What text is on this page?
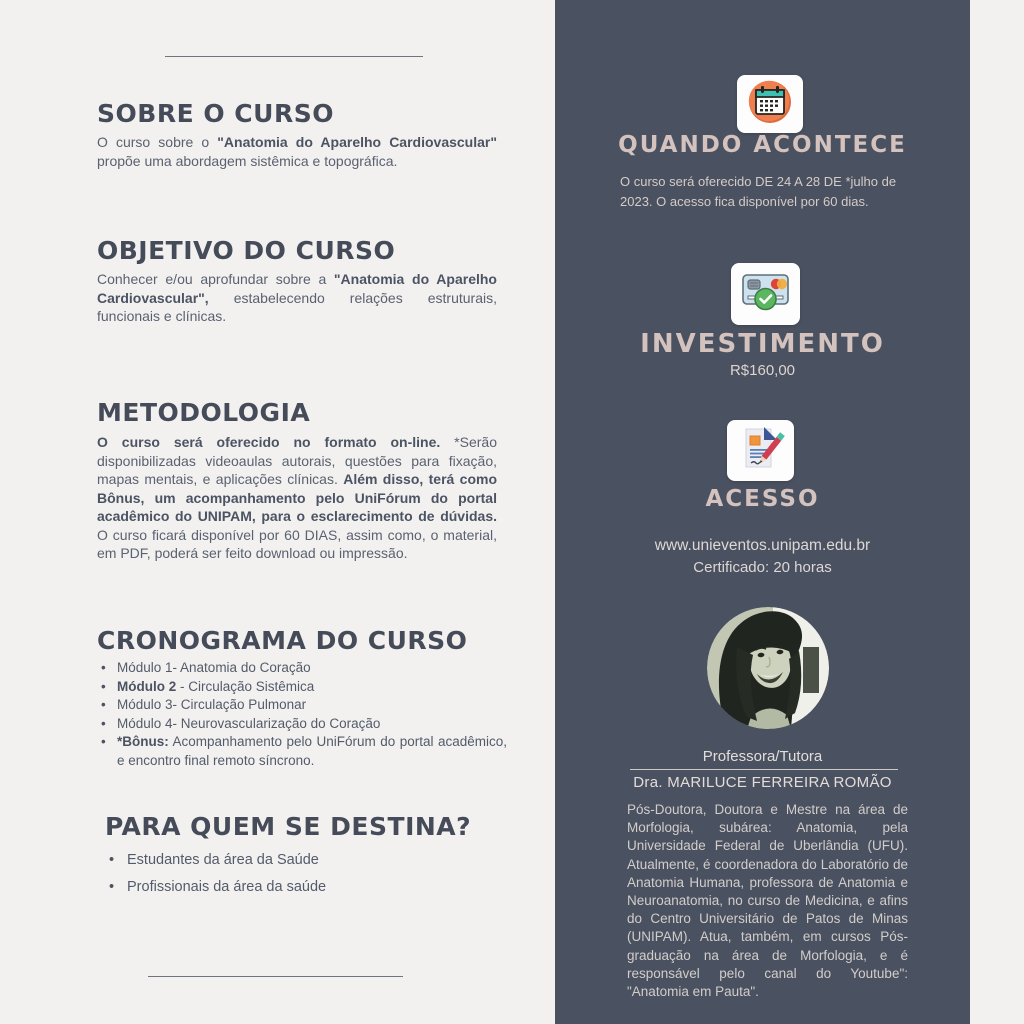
SOBRE O CURSO
O curso sobre o "Anatomia do Aparelho Cardiovascular" propõe uma abordagem sistêmica e topográfica.
OBJETIVO DO CURSO
Conhecer e/ou aprofundar sobre a "Anatomia do Aparelho Cardiovascular", estabelecendo relações estruturais, funcionais e clínicas.
METODOLOGIA
O curso será oferecido no formato on-line. *Serão disponibilizadas videoaulas autorais, questões para fixação, mapas mentais, e aplicações clínicas. Além disso, terá como Bônus, um acompanhamento pelo UniFórum do portal acadêmico do UNIPAM, para o esclarecimento de dúvidas. O curso ficará disponível por 60 DIAS, assim como, o material, em PDF, poderá ser feito download ou impressão.
CRONOGRAMA DO CURSO
• Módulo 1- Anatomia do Coração
• Módulo 2 - Circulação Sistêmica
• Módulo 3- Circulação Pulmonar
• Módulo 4- Neurovascularização do Coração
• *Bônus: Acompanhamento pelo UniFórum do portal acadêmico, e encontro final remoto síncrono.
PARA QUEM SE DESTINA?
• Estudantes da área da Saúde
• Profissionais da área da saúde
QUANDO ACONTECE
O curso será oferecido DE 24 A 28 DE *julho de 2023. O acesso fica disponível por 60 dias.
INVESTIMENTO
R$160,00
ACESSO
www.unieventos.unipam.edu.br
Certificado: 20 horas
Professora/Tutora
Dra. MARILUCE FERREIRA ROMÃO
Pós-Doutora, Doutora e Mestre na área de Morfologia, subárea: Anatomia, pela Universidade Federal de Uberlândia (UFU). Atualmente, é coordenadora do Laboratório de Anatomia Humana, professora de Anatomia e Neuroanatomia, no curso de Medicina, e afins do Centro Universitário de Patos de Minas (UNIPAM). Atua, também, em cursos Pós-graduação na área de Morfologia, e é responsável pelo canal do Youtube": "Anatomia em Pauta".
